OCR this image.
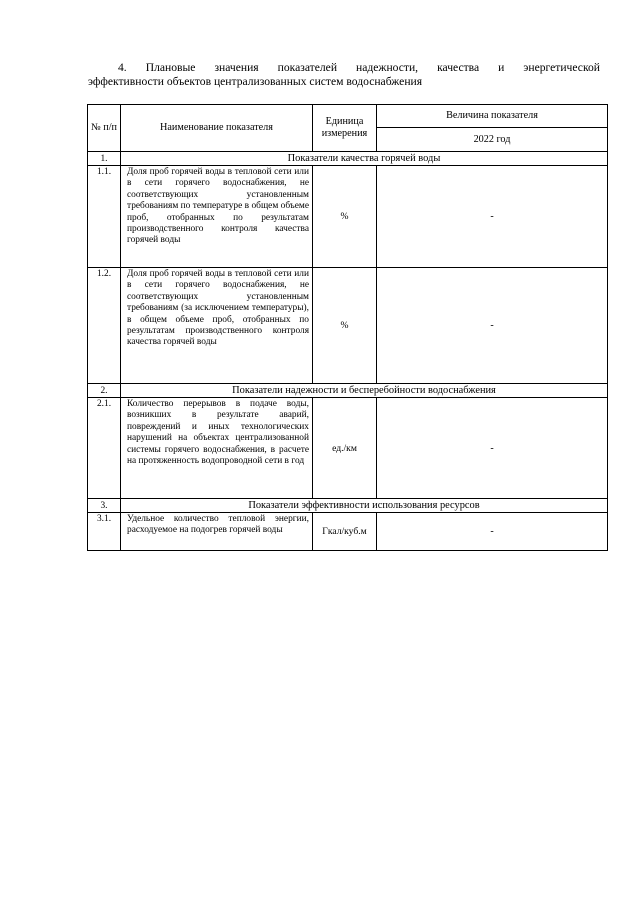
4. Плановые значения показателей надежности, качества и энергетической
эффективности объектов централизованных систем водоснабжения
№ п/п	Наименование показателя	Единица измерения	Величина показателя
			2022 год
1.	Показатели качества горячей воды		
1.1.	Доля проб горячей воды в тепловой сети или в сети горячего водоснабжения, не соответствующих установленным требованиям по температуре в общем объеме проб, отобранных по результатам производственного контроля качества горячей воды	%	-
1.2.	Доля проб горячей воды в тепловой сети или в сети горячего водоснабжения, не соответствующих установленным требованиям (за исключением температуры), в общем объеме проб, отобранных по результатам производственного контроля качества горячей воды	%	-
2.	Показатели надежности и бесперебойности водоснабжения		
2.1.	Количество перерывов в подаче воды, возникших в результате аварий, повреждений и иных технологических нарушений на объектах централизованной системы горячего водоснабжения, в расчете на протяженность водопроводной сети в год	ед./км	-
3.	Показатели эффективности использования ресурсов		
3.1.	Удельное количество тепловой энергии, расходуемое на подогрев горячей воды	Гкал/куб.м	-
